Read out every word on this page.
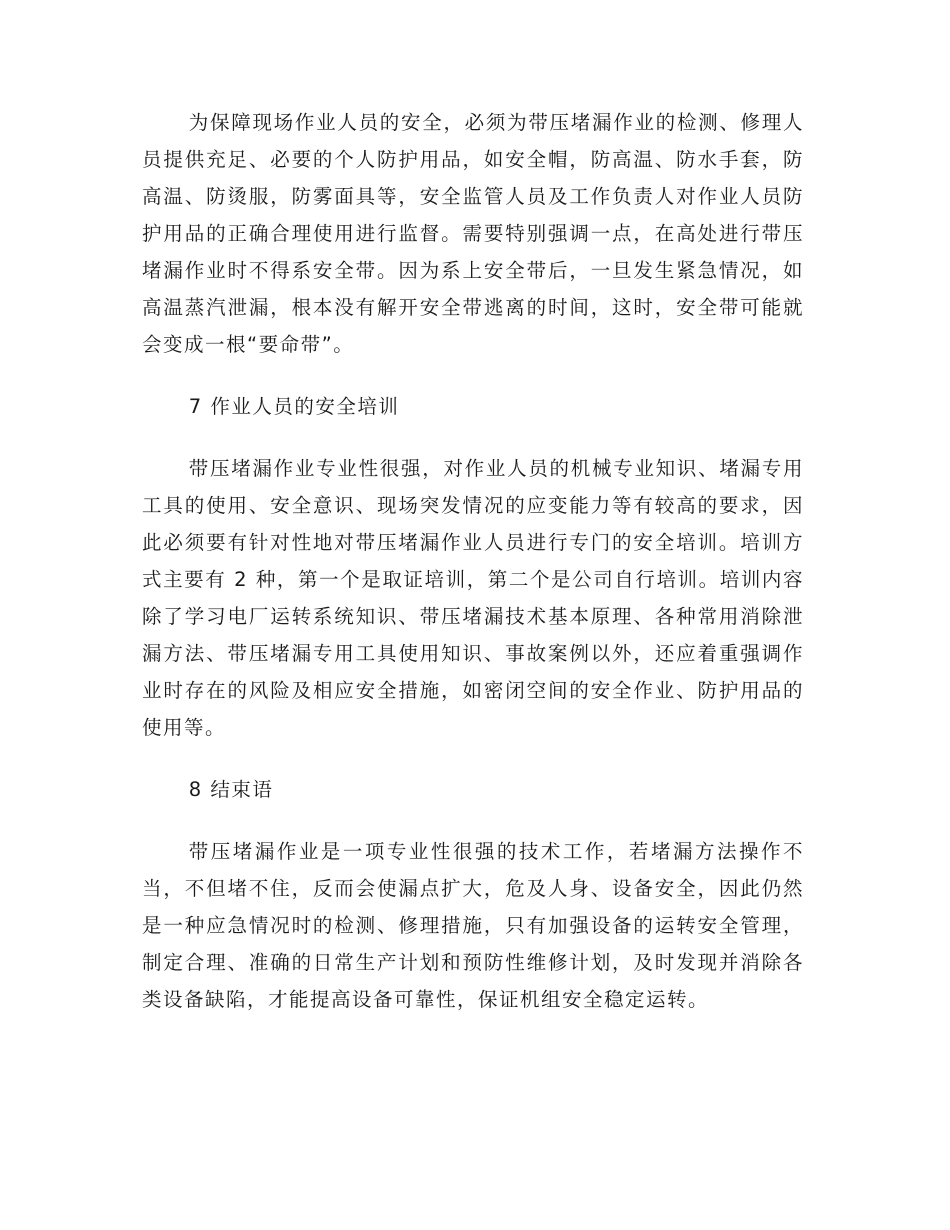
为保障现场作业人员的安全，必须为带压堵漏作业的检测、修理人员提供充足、必要的个人防护用品，如安全帽，防高温、防水手套，防高温、防烫服，防雾面具等，安全监管人员及工作负责人对作业人员防护用品的正确合理使用进行监督。需要特别强调一点，在高处进行带压堵漏作业时不得系安全带。因为系上安全带后，一旦发生紧急情况，如高温蒸汽泄漏，根本没有解开安全带逃离的时间，这时，安全带可能就会变成一根“要命带”。

7 作业人员的安全培训

带压堵漏作业专业性很强，对作业人员的机械专业知识、堵漏专用工具的使用、安全意识、现场突发情况的应变能力等有较高的要求，因此必须要有针对性地对带压堵漏作业人员进行专门的安全培训。培训方式主要有 2 种，第一个是取证培训，第二个是公司自行培训。培训内容除了学习电厂运转系统知识、带压堵漏技术基本原理、各种常用消除泄漏方法、带压堵漏专用工具使用知识、事故案例以外，还应着重强调作业时存在的风险及相应安全措施，如密闭空间的安全作业、防护用品的使用等。

8 结束语

带压堵漏作业是一项专业性很强的技术工作，若堵漏方法操作不当，不但堵不住，反而会使漏点扩大，危及人身、设备安全，因此仍然是一种应急情况时的检测、修理措施，只有加强设备的运转安全管理，制定合理、准确的日常生产计划和预防性维修计划，及时发现并消除各类设备缺陷，才能提高设备可靠性，保证机组安全稳定运转。
